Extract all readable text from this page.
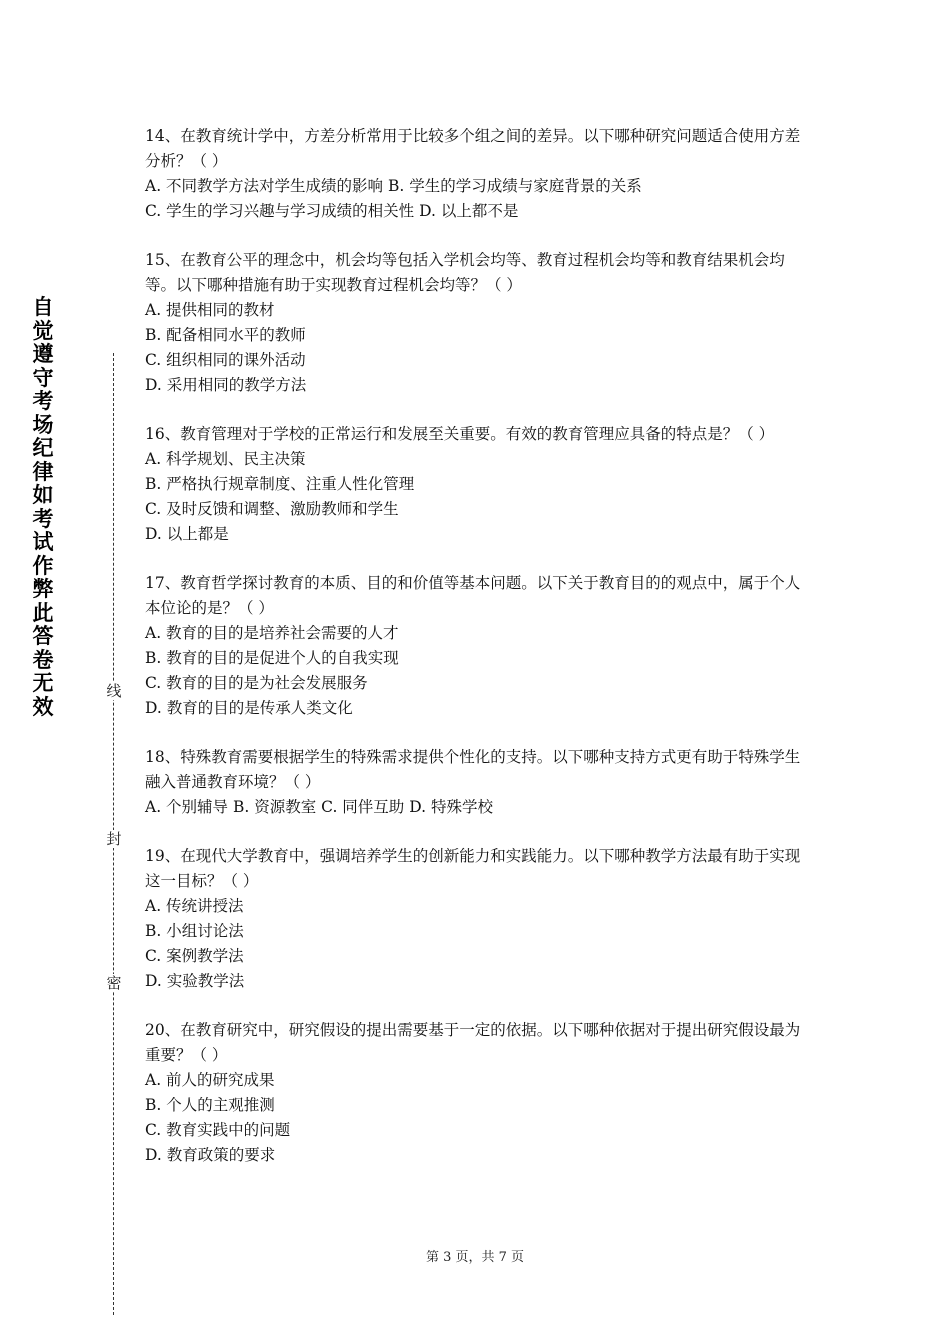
自觉遵守考场纪律如考试作弊此答卷无效
线
封
密

14、在教育统计学中，方差分析常用于比较多个组之间的差异。以下哪种研究问题适合使用方差分析？（ ）

A. 不同教学方法对学生成绩的影响 B. 学生的学习成绩与家庭背景的关系

C. 学生的学习兴趣与学习成绩的相关性 D. 以上都不是

15、在教育公平的理念中，机会均等包括入学机会均等、教育过程机会均等和教育结果机会均等。以下哪种措施有助于实现教育过程机会均等？（ ）

A. 提供相同的教材

B. 配备相同水平的教师

C. 组织相同的课外活动

D. 采用相同的教学方法

16、教育管理对于学校的正常运行和发展至关重要。有效的教育管理应具备的特点是？（ ）

A. 科学规划、民主决策

B. 严格执行规章制度、注重人性化管理

C. 及时反馈和调整、激励教师和学生

D. 以上都是

17、教育哲学探讨教育的本质、目的和价值等基本问题。以下关于教育目的的观点中，属于个人本位论的是？（ ）

A. 教育的目的是培养社会需要的人才

B. 教育的目的是促进个人的自我实现

C. 教育的目的是为社会发展服务

D. 教育的目的是传承人类文化

18、特殊教育需要根据学生的特殊需求提供个性化的支持。以下哪种支持方式更有助于特殊学生融入普通教育环境？（ ）

A. 个别辅导 B. 资源教室 C. 同伴互助 D. 特殊学校

19、在现代大学教育中，强调培养学生的创新能力和实践能力。以下哪种教学方法最有助于实现这一目标？（ ）

A. 传统讲授法

B. 小组讨论法

C. 案例教学法

D. 实验教学法

20、在教育研究中，研究假设的提出需要基于一定的依据。以下哪种依据对于提出研究假设最为重要？（ ）

A. 前人的研究成果

B. 个人的主观推测

C. 教育实践中的问题

D. 教育政策的要求

第 3 页，共 7 页
